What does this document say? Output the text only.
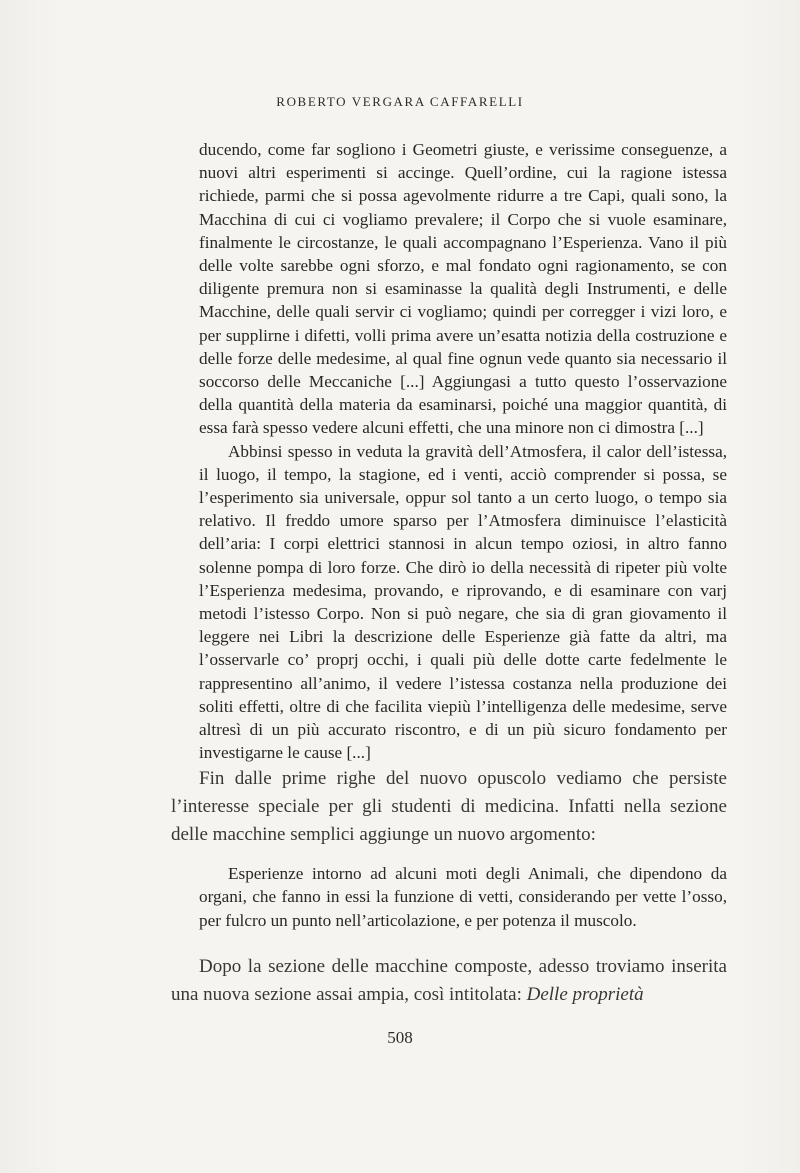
ROBERTO VERGARA CAFFARELLI

ducendo, come far sogliono i Geometri giuste, e verissime conseguenze, a nuovi altri esperimenti si accinge. Quell’ordine, cui la ragione istessa richiede, parmi che si possa agevolmente ridurre a tre Capi, quali sono, la Macchina di cui ci vogliamo prevalere; il Corpo che si vuole esaminare, finalmente le circostanze, le quali accompagnano l’Esperienza. Vano il più delle volte sarebbe ogni sforzo, e mal fondato ogni ragionamento, se con diligente premura non si esaminasse la qualità degli Instrumenti, e delle Macchine, delle quali servir ci vogliamo; quindi per corregger i vizi loro, e per supplirne i difetti, volli prima avere un’esatta notizia della costruzione e delle forze delle medesime, al qual fine ognun vede quanto sia necessario il soccorso delle Meccaniche [...] Aggiungasi a tutto questo l’osservazione della quantità della materia da esaminarsi, poiché una maggior quantità, di essa farà spesso vedere alcuni effetti, che una minore non ci dimostra [...]

Abbinsi spesso in veduta la gravità dell’Atmosfera, il calor dell’istessa, il luogo, il tempo, la stagione, ed i venti, acciò comprender si possa, se l’esperimento sia universale, oppur sol tanto a un certo luogo, o tempo sia relativo. Il freddo umore sparso per l’Atmosfera diminuisce l’elasticità dell’aria: I corpi elettrici stannosi in alcun tempo oziosi, in altro fanno solenne pompa di loro forze. Che dirò io della necessità di ripeter più volte l’Esperienza medesima, provando, e riprovando, e di esaminare con varj metodi l’istesso Corpo. Non si può negare, che sia di gran giovamento il leggere nei Libri la descrizione delle Esperienze già fatte da altri, ma l’osservarle co’ proprj occhi, i quali più delle dotte carte fedelmente le rappresentino all’animo, il vedere l’istessa costanza nella produzione dei soliti effetti, oltre di che facilita viepiù l’intelligenza delle medesime, serve altresì di un più accurato riscontro, e di un più sicuro fondamento per investigarne le cause [...]

Fin dalle prime righe del nuovo opuscolo vediamo che persiste l’interesse speciale per gli studenti di medicina. Infatti nella sezione delle macchine semplici aggiunge un nuovo argomento:

Esperienze intorno ad alcuni moti degli Animali, che dipendono da organi, che fanno in essi la funzione di vetti, considerando per vette l’osso, per fulcro un punto nell’articolazione, e per potenza il muscolo.

Dopo la sezione delle macchine composte, adesso troviamo inserita una nuova sezione assai ampia, così intitolata: Delle proprietà

508
